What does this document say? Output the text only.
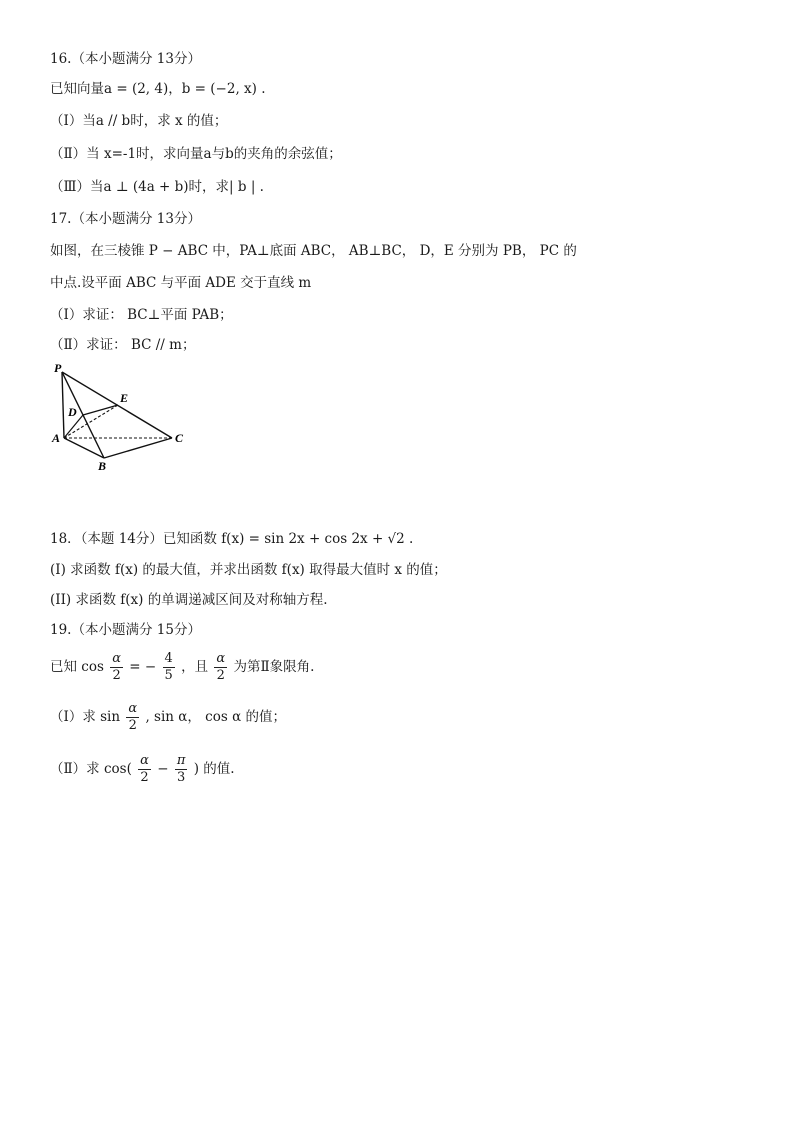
16.（本小题满分 13分）
已知向量a = (2, 4)，b = (−2, x) .
（Ⅰ）当a // b时，求 x 的值；
（Ⅱ）当 x=-1时，求向量a与b的夹角的余弦值；
（Ⅲ）当a ⊥ (4a + b)时，求| b | .
17.（本小题满分 13分）
如图，在三棱锥 P − ABC 中，PA⊥底面 ABC， AB⊥BC， D，E 分别为 PB， PC 的
中点.设平面 ABC 与平面 ADE 交于直线 m
（Ⅰ）求证： BC⊥平面 PAB；
（Ⅱ）求证： BC // m；
P
A
B
C
D
E
18．（本题 14分）已知函数 f(x) = sin 2x + cos 2x + √2 .
(I) 求函数 f(x) 的最大值，并求出函数 f(x) 取得最大值时 x 的值；
(II) 求函数 f(x) 的单调递减区间及对称轴方程.
19.（本小题满分 15分）
已知 $\cos \frac{\alpha}{2}$ = − $\frac{4}{5}$ ，且 $\frac{\alpha}{2}$ 为第Ⅱ象限角.
（Ⅰ）求 $\sin \frac{\alpha}{2}$ , sin α， cos α 的值；
（Ⅱ）求 $\cos( \frac{\alpha}{2} - \frac{\pi}{3}$ ) 的值.
